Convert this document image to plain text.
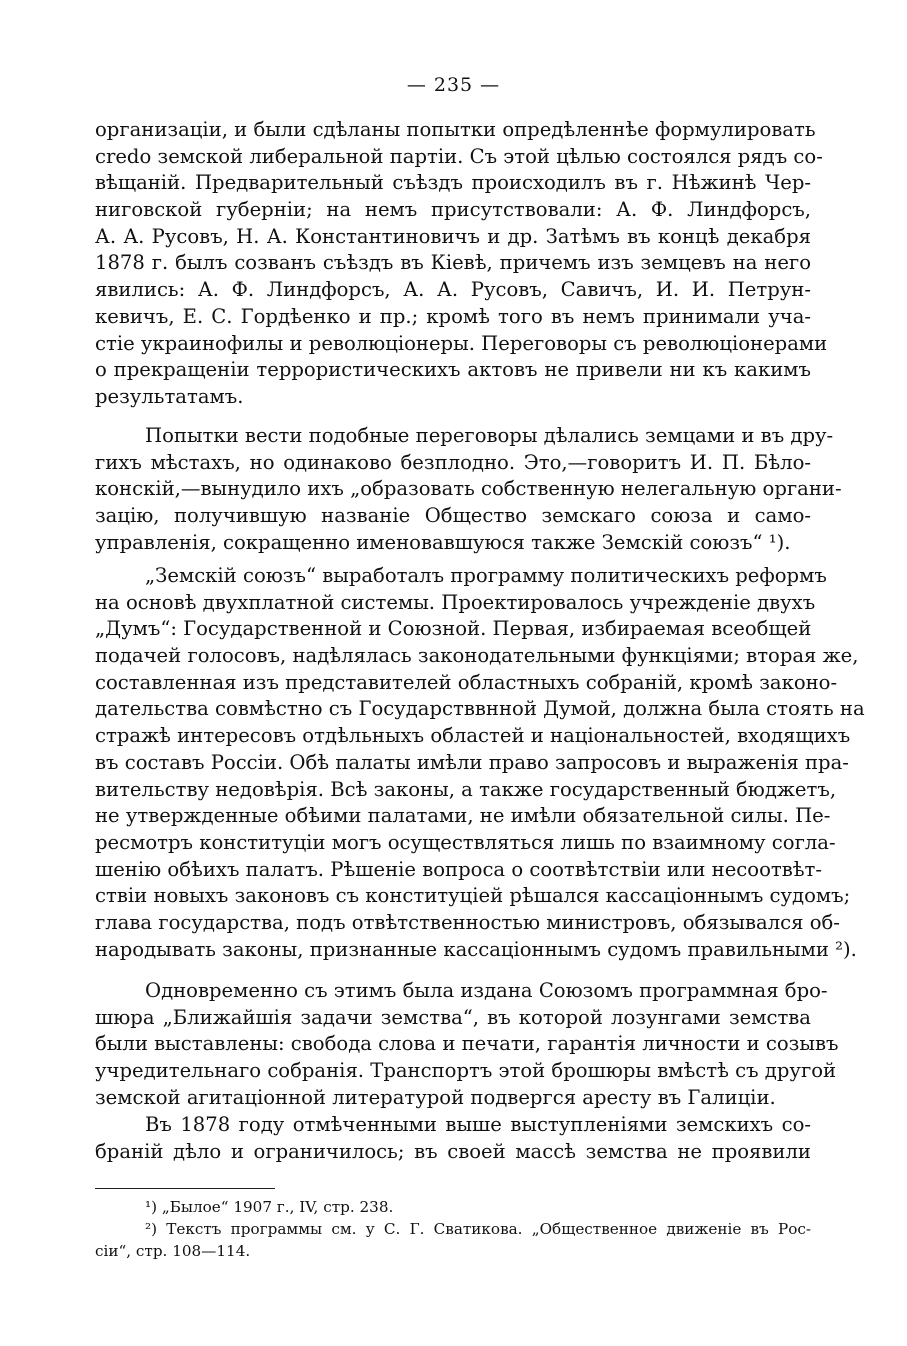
— 235 —
организацiи, и были сдѣланы попытки опредѣленнѣе формулировать
credo земской либеральной партiи. Съ этой цѣлью состоялся рядъ со-
вѣщанiй. Предварительный съѣздъ происходилъ въ г. Нѣжинѣ Чер-
ниговской губернiи; на немъ присутствовали: А. Ф. Линдфорсъ,
А. А. Русовъ, Н. А. Константиновичъ и др. Затѣмъ въ концѣ декабря
1878 г. былъ созванъ съѣздъ въ Кiевѣ, причемъ изъ земцевъ на него
явились: А. Ф. Линдфорсъ, А. А. Русовъ, Савичъ, И. И. Петрун-
кевичъ, Е. С. Гордѣенко и пр.; кромѣ того въ немъ принимали уча-
стiе украинофилы и революцiонеры. Переговоры съ революцiонерами
о прекращенiи террористическихъ актовъ не привели ни къ какимъ
результатамъ.
Попытки вести подобные переговоры дѣлались земцами и въ дру-
гихъ мѣстахъ, но одинаково безплодно. Это,—говоритъ И. П. Бѣло-
конскiй,—вынудило ихъ „образовать собственную нелегальную органи-
зацiю, получившую названiе Общество земскаго союза и само-
управленiя, сокращенно именовавшуюся также Земскiй союзъ“ ¹).
„Земскiй союзъ“ выработалъ программу политическихъ реформъ
на основѣ двухплатной системы. Проектировалось учрежденiе двухъ
„Думъ“: Государственной и Союзной. Первая, избираемая всеобщей
подачей голосовъ, надѣлялась законодательными функцiями; вторая же,
составленная изъ представителей областныхъ собранiй, кромѣ законо-
дательства совмѣстно съ Государстввнной Думой, должна была стоять на
стражѣ интересовъ отдѣльныхъ областей и нацiональностей, входящихъ
въ составъ Россiи. Обѣ палаты имѣли право запросовъ и выраженiя пра-
вительству недовѣрiя. Всѣ законы, а также государственный бюджетъ,
не утвержденные обѣими палатами, не имѣли обязательной силы. Пе-
ресмотръ конституцiи могъ осуществляться лишь по взаимному согла-
шенiю обѣихъ палатъ. Рѣшенiе вопроса о соотвѣтствiи или несоотвѣт-
ствiи новыхъ законовъ съ конституцiей рѣшался кассацiоннымъ судомъ;
глава государства, подъ отвѣтственностью министровъ, обязывался об-
народывать законы, признанные кассацiоннымъ судомъ правильными ²).
Одновременно съ этимъ была издана Союзомъ программная бро-
шюра „Ближайшiя задачи земства“, въ которой лозунгами земства
были выставлены: свобода слова и печати, гарантiя личности и созывъ
учредительнаго собранiя. Транспортъ этой брошюры вмѣстѣ съ другой
земской агитацiонной литературой подвергся аресту въ Галицiи.
Въ 1878 году отмѣченными выше выступленiями земскихъ со-
бранiй дѣло и ограничилось; въ своей массѣ земства не проявили
¹) „Былое“ 1907 г., IV, стр. 238.
²) Текстъ программы см. у С. Г. Сватикова. „Общественное движенiе въ Рос-
сiи“, стр. 108—114.
